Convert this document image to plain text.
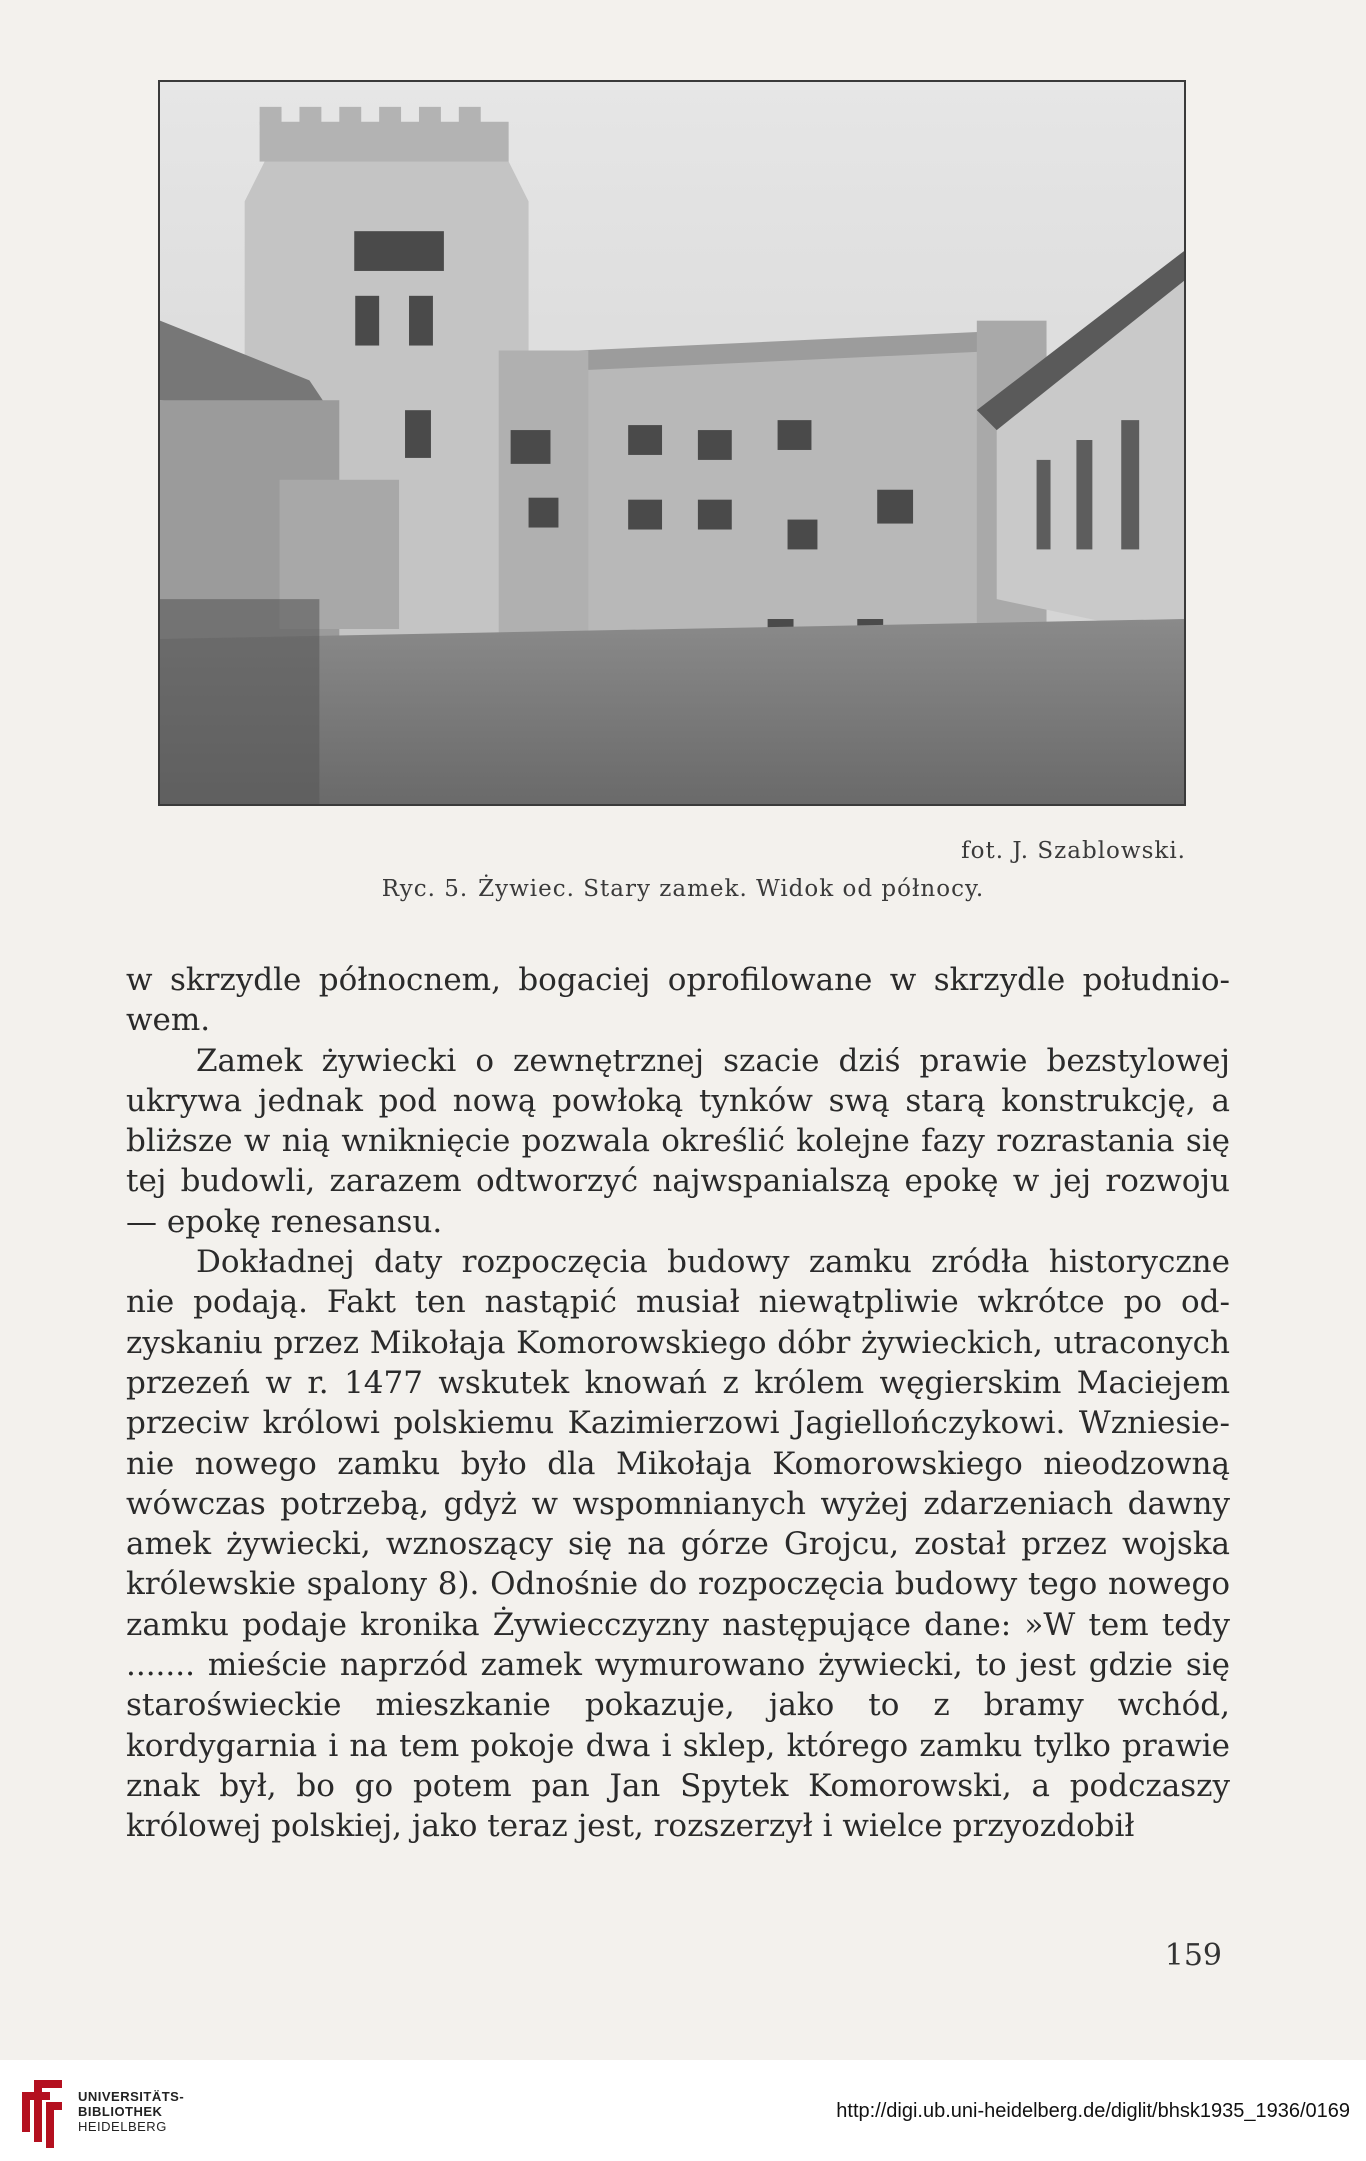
fot. J. Szablowski.
Ryc. 5. Żywiec. Stary zamek. Widok od północy.

w skrzydle północnem, bogaciej oprofilowane w skrzydle południowem.

Zamek żywiecki o zewnętrznej szacie dziś prawie bezstylowej ukrywa jednak pod nową powłoką tynków swą starą konstrukcję, a bliższe w nią wniknięcie pozwala określić kolejne fazy rozrastania się tej budowli, zarazem odtworzyć najwspanialszą epokę w jej rozwoju — epokę renesansu.

Dokładnej daty rozpoczęcia budowy zamku zródła historyczne nie podają. Fakt ten nastąpić musiał niewątpliwie wkrótce po odzyskaniu przez Mikołaja Komorowskiego dóbr żywieckich, utraconych przezeń w r. 1477 wskutek knowań z królem węgierskim Maciejem przeciw królowi polskiemu Kazimierzowi Jagiellończykowi. Wzniesienie nowego zamku było dla Mikołaja Komorowskiego nieodzowną wówczas potrzebą, gdyż w wspomnianych wyżej zdarzeniach dawny amek żywiecki, wznoszący się na górze Grojcu, został przez wojska królewskie spalony 8). Odnośnie do rozpoczęcia budowy tego nowego zamku podaje kronika Żywiecczyzny następujące dane: »W tem tedy ....... mieście naprzód zamek wymurowano żywiecki, to jest gdzie się staroświeckie mieszkanie pokazuje, jako to z bramy wchód, kordygarnia i na tem pokoje dwa i sklep, którego zamku tylko prawie znak był, bo go potem pan Jan Spytek Komorowski, a podczaszy królowej polskiej, jako teraz jest, rozszerzył i wielce przyozdobił

159
UNIVERSITÄTS-
BIBLIOTHEK
HEIDELBERG
http://digi.ub.uni-heidelberg.de/diglit/bhsk1935_1936/0169
